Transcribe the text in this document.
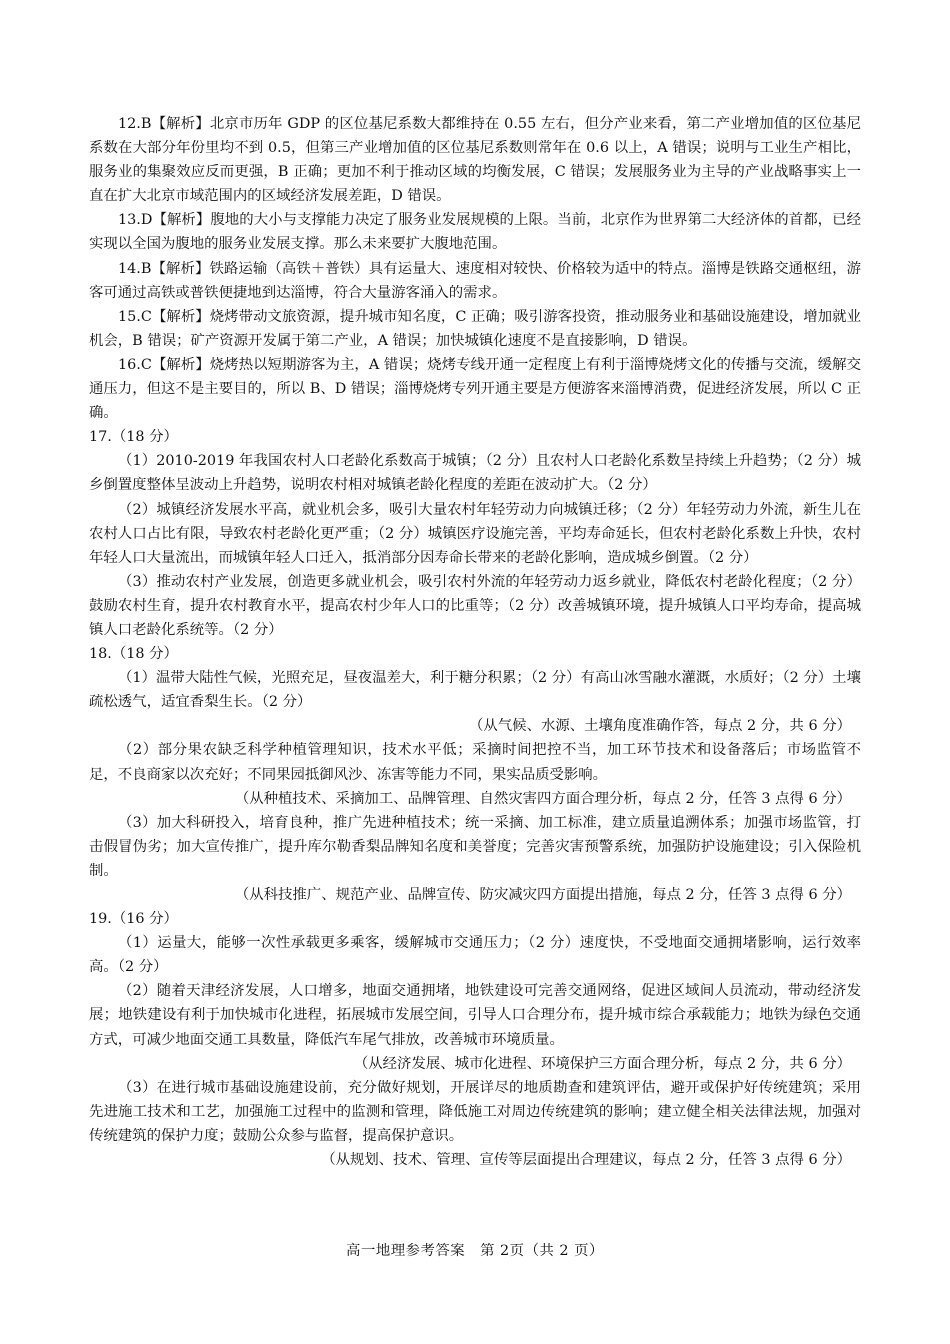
12.B【解析】北京市历年 GDP 的区位基尼系数大都维持在 0.55 左右，但分产业来看，第二产业增加值的区位基尼系数在大部分年份里均不到 0.5，但第三产业增加值的区位基尼系数则常年在 0.6 以上，A 错误；说明与工业生产相比，服务业的集聚效应反而更强，B 正确；更加不利于推动区域的均衡发展，C 错误；发展服务业为主导的产业战略事实上一直在扩大北京市域范围内的区域经济发展差距，D 错误。

13.D【解析】腹地的大小与支撑能力决定了服务业发展规模的上限。当前，北京作为世界第二大经济体的首都，已经实现以全国为腹地的服务业发展支撑。那么未来要扩大腹地范围。

14.B【解析】铁路运输（高铁＋普铁）具有运量大、速度相对较快、价格较为适中的特点。淄博是铁路交通枢纽，游客可通过高铁或普铁便捷地到达淄博，符合大量游客涌入的需求。

15.C【解析】烧烤带动文旅资源，提升城市知名度，C 正确；吸引游客投资，推动服务业和基础设施建设，增加就业机会，B 错误；矿产资源开发属于第二产业，A 错误；加快城镇化速度不是直接影响，D 错误。

16.C【解析】烧烤热以短期游客为主，A 错误；烧烤专线开通一定程度上有利于淄博烧烤文化的传播与交流，缓解交通压力，但这不是主要目的，所以 B、D 错误；淄博烧烤专列开通主要是方便游客来淄博消费，促进经济发展，所以 C 正确。

17.（18 分）

（1）2010-2019 年我国农村人口老龄化系数高于城镇；（2 分）且农村人口老龄化系数呈持续上升趋势；（2 分）城乡倒置度整体呈波动上升趋势，说明农村相对城镇老龄化程度的差距在波动扩大。（2 分）

（2）城镇经济发展水平高，就业机会多，吸引大量农村年轻劳动力向城镇迁移；（2 分）年轻劳动力外流，新生儿在农村人口占比有限，导致农村老龄化更严重；（2 分）城镇医疗设施完善，平均寿命延长，但农村老龄化系数上升快，农村年轻人口大量流出，而城镇年轻人口迁入，抵消部分因寿命长带来的老龄化影响，造成城乡倒置。（2 分）

（3）推动农村产业发展，创造更多就业机会，吸引农村外流的年轻劳动力返乡就业，降低农村老龄化程度；（2 分）鼓励农村生育，提升农村教育水平，提高农村少年人口的比重等；（2 分）改善城镇环境，提升城镇人口平均寿命，提高城镇人口老龄化系统等。（2 分）

18.（18 分）

（1）温带大陆性气候，光照充足，昼夜温差大，利于糖分积累；（2 分）有高山冰雪融水灌溉，水质好；（2 分）土壤疏松透气，适宜香梨生长。（2 分）

（从气候、水源、土壤角度准确作答，每点 2 分，共 6 分）

（2）部分果农缺乏科学种植管理知识，技术水平低；采摘时间把控不当，加工环节技术和设备落后；市场监管不足，不良商家以次充好；不同果园抵御风沙、冻害等能力不同，果实品质受影响。

（从种植技术、采摘加工、品牌管理、自然灾害四方面合理分析，每点 2 分，任答 3 点得 6 分）

（3）加大科研投入，培育良种，推广先进种植技术；统一采摘、加工标准，建立质量追溯体系；加强市场监管，打击假冒伪劣；加大宣传推广，提升库尔勒香梨品牌知名度和美誉度；完善灾害预警系统，加强防护设施建设；引入保险机制。

（从科技推广、规范产业、品牌宣传、防灾减灾四方面提出措施，每点 2 分，任答 3 点得 6 分）

19.（16 分）

（1）运量大，能够一次性承载更多乘客，缓解城市交通压力；（2 分）速度快，不受地面交通拥堵影响，运行效率高。（2 分）

（2）随着天津经济发展，人口增多，地面交通拥堵，地铁建设可完善交通网络，促进区域间人员流动，带动经济发展；地铁建设有利于加快城市化进程，拓展城市发展空间，引导人口合理分布，提升城市综合承载能力；地铁为绿色交通方式，可减少地面交通工具数量，降低汽车尾气排放，改善城市环境质量。

（从经济发展、城市化进程、环境保护三方面合理分析，每点 2 分，共 6 分）

（3）在进行城市基础设施建设前，充分做好规划，开展详尽的地质勘查和建筑评估，避开或保护好传统建筑；采用先进施工技术和工艺，加强施工过程中的监测和管理，降低施工对周边传统建筑的影响；建立健全相关法律法规，加强对传统建筑的保护力度；鼓励公众参与监督，提高保护意识。

（从规划、技术、管理、宣传等层面提出合理建议，每点 2 分，任答 3 点得 6 分）

高一地理参考答案　第 2页（共 2 页）
